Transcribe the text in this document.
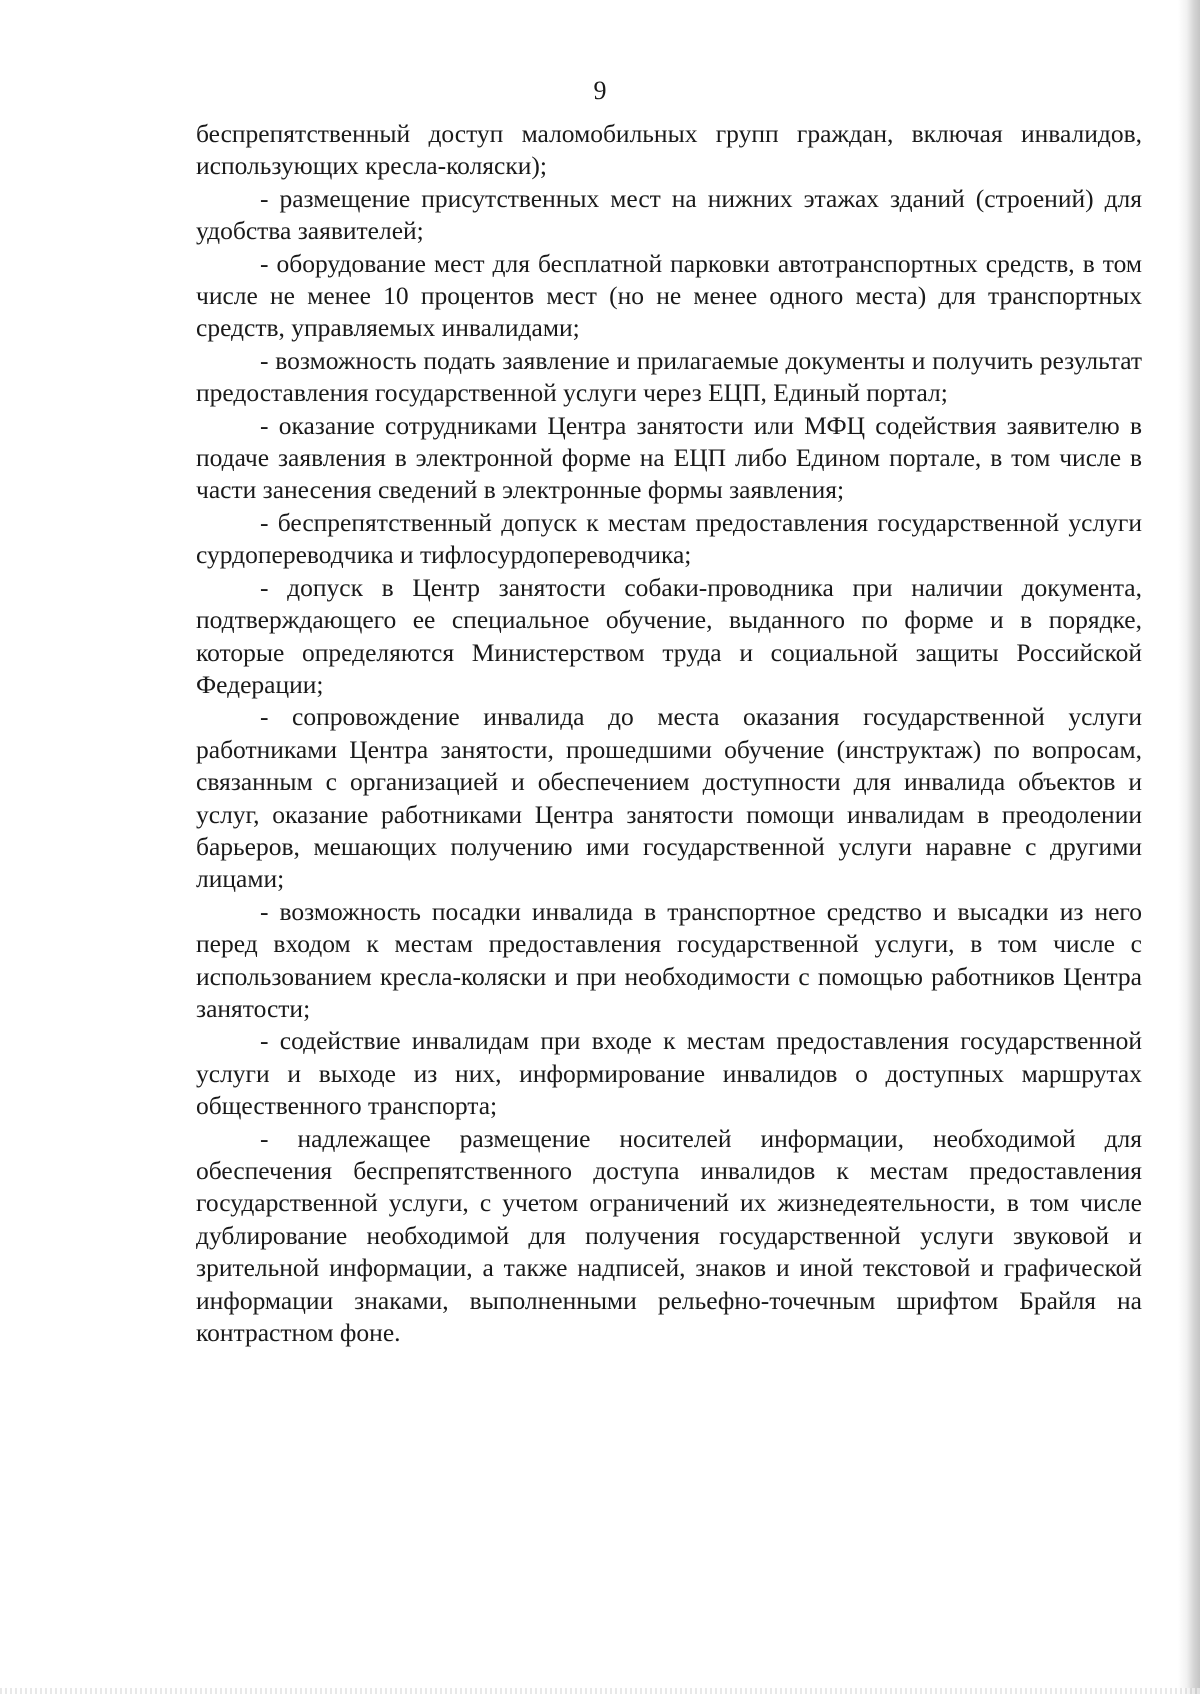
9

беспрепятственный доступ маломобильных групп граждан, включая инвалидов, использующих кресла-коляски);

- размещение присутственных мест на нижних этажах зданий (строений) для удобства заявителей;

- оборудование мест для бесплатной парковки автотранспортных средств, в том числе не менее 10 процентов мест (но не менее одного места) для транспортных средств, управляемых инвалидами;

- возможность подать заявление и прилагаемые документы и получить результат предоставления государственной услуги через ЕЦП, Единый портал;

- оказание сотрудниками Центра занятости или МФЦ содействия заявителю в подаче заявления в электронной форме на ЕЦП либо Едином портале, в том числе в части занесения сведений в электронные формы заявления;

- беспрепятственный допуск к местам предоставления государственной услуги сурдопереводчика и тифлосурдопереводчика;

- допуск в Центр занятости собаки-проводника при наличии документа, подтверждающего ее специальное обучение, выданного по форме и в порядке, которые определяются Министерством труда и социальной защиты Российской Федерации;

- сопровождение инвалида до места оказания государственной услуги работниками Центра занятости, прошедшими обучение (инструктаж) по вопросам, связанным с организацией и обеспечением доступности для инвалида объектов и услуг, оказание работниками Центра занятости помощи инвалидам в преодолении барьеров, мешающих получению ими государственной услуги наравне с другими лицами;

- возможность посадки инвалида в транспортное средство и высадки из него перед входом к местам предоставления государственной услуги, в том числе с использованием кресла-коляски и при необходимости с помощью работников Центра занятости;

- содействие инвалидам при входе к местам предоставления государственной услуги и выходе из них, информирование инвалидов о доступных маршрутах общественного транспорта;

- надлежащее размещение носителей информации, необходимой для обеспечения беспрепятственного доступа инвалидов к местам предоставления государственной услуги, с учетом ограничений их жизнедеятельности, в том числе дублирование необходимой для получения государственной услуги звуковой и зрительной информации, а также надписей, знаков и иной текстовой и графической информации знаками, выполненными рельефно-точечным шрифтом Брайля на контрастном фоне.
